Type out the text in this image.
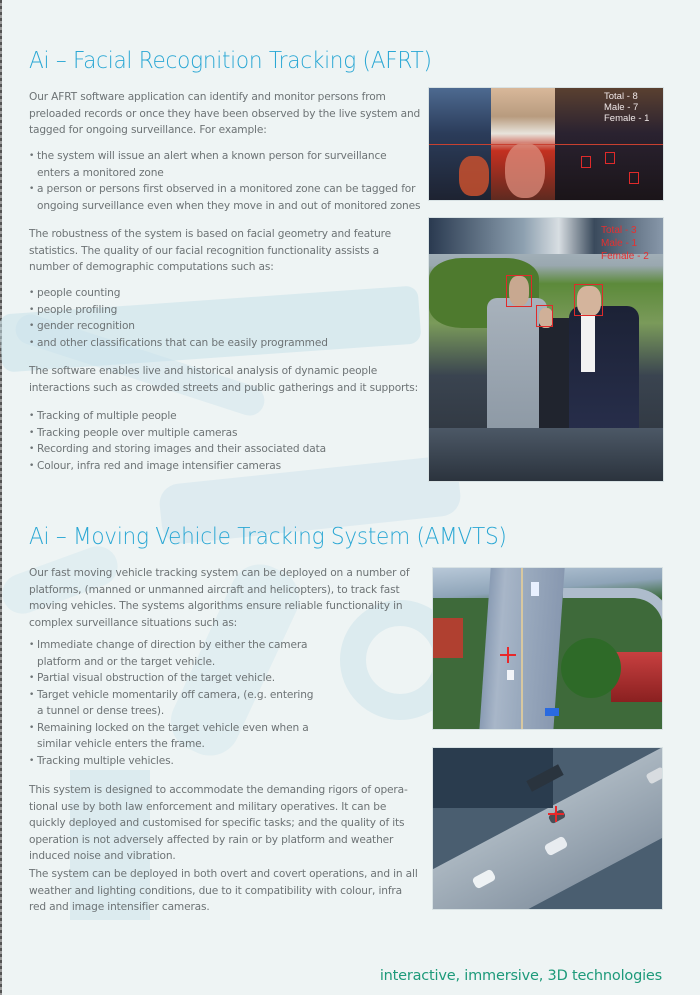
Ai – Facial Recognition Tracking (AFRT)
Our AFRT software application can identify and monitor persons from
preloaded records or once they have been observed by the live system and
tagged for ongoing surveillance. For example:
• the system will issue an alert when a known person for surveillance
enters a monitored zone
• a person or persons first observed in a monitored zone can be tagged for
ongoing surveillance even when they move in and out of monitored zones
The robustness of the system is based on facial geometry and feature
statistics. The quality of our facial recognition functionality assists a
number of demographic computations such as:
• people counting
• people profiling
• gender recognition
• and other classifications that can be easily programmed
The software enables live and historical analysis of dynamic people
interactions such as crowded streets and public gatherings and it supports:
• Tracking of multiple people
• Tracking people over multiple cameras
• Recording and storing images and their associated data
• Colour, infra red and image intensifier cameras
Total - 8
Male - 7
Female - 1
Total - 3
Male - 1
Female - 2
Ai – Moving Vehicle Tracking System (AMVTS)
Our fast moving vehicle tracking system can be deployed on a number of
platforms, (manned or unmanned aircraft and helicopters), to track fast
moving vehicles. The systems algorithms ensure reliable functionality in
complex surveillance situations such as:
• Immediate change of direction by either the camera
platform and or the target vehicle.
• Partial visual obstruction of the target vehicle.
• Target vehicle momentarily off camera, (e.g. entering
a tunnel or dense trees).
• Remaining locked on the target vehicle even when a
similar vehicle enters the frame.
• Tracking multiple vehicles.
This system is designed to accommodate the demanding rigors of opera-
tional use by both law enforcement and military operatives. It can be
quickly deployed and customised for specific tasks; and the quality of its
operation is not adversely affected by rain or by platform and weather
induced noise and vibration.
The system can be deployed in both overt and covert operations, and in all
weather and lighting conditions, due to it compatibility with colour, infra
red and image intensifier cameras.
interactive, immersive, 3D technologies
